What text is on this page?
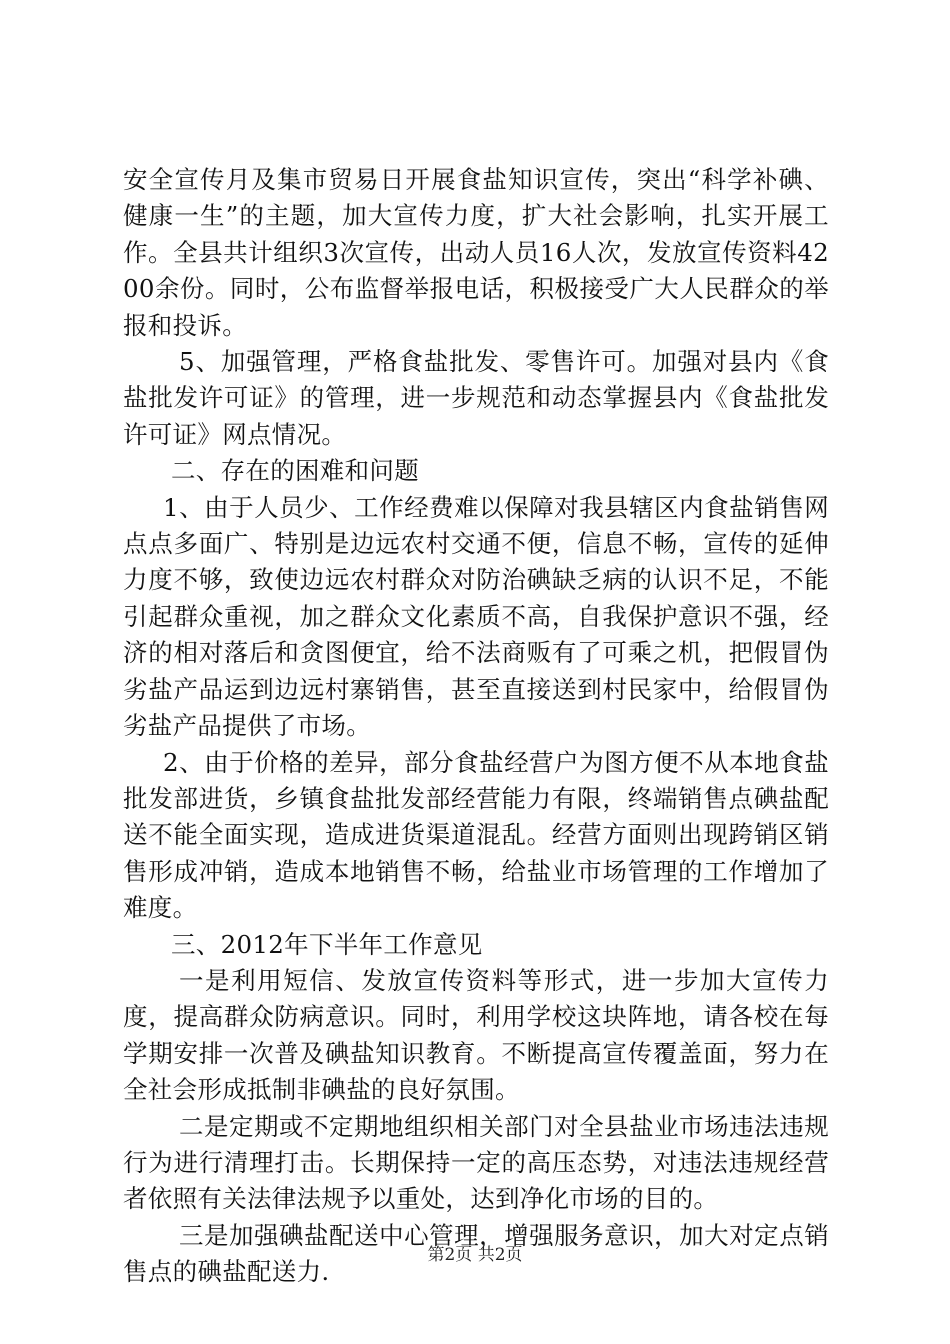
安全宣传月及集市贸易日开展食盐知识宣传，突出“科学补碘、健康一生”的主题，加大宣传力度，扩大社会影响，扎实开展工作。全县共计组织3次宣传，出动人员16人次，发放宣传资料4200余份。同时，公布监督举报电话，积极接受广大人民群众的举报和投诉。

5、加强管理，严格食盐批发、零售许可。加强对县内《食盐批发许可证》的管理，进一步规范和动态掌握县内《食盐批发许可证》网点情况。

二、存在的困难和问题

1、由于人员少、工作经费难以保障对我县辖区内食盐销售网点点多面广、特别是边远农村交通不便，信息不畅，宣传的延伸力度不够，致使边远农村群众对防治碘缺乏病的认识不足，不能引起群众重视，加之群众文化素质不高，自我保护意识不强，经济的相对落后和贪图便宜，给不法商贩有了可乘之机，把假冒伪劣盐产品运到边远村寨销售，甚至直接送到村民家中，给假冒伪劣盐产品提供了市场。

2、由于价格的差异，部分食盐经营户为图方便不从本地食盐批发部进货，乡镇食盐批发部经营能力有限，终端销售点碘盐配送不能全面实现，造成进货渠道混乱。经营方面则出现跨销区销售形成冲销，造成本地销售不畅，给盐业市场管理的工作增加了难度。

三、2012年下半年工作意见

一是利用短信、发放宣传资料等形式，进一步加大宣传力度，提高群众防病意识。同时，利用学校这块阵地，请各校在每学期安排一次普及碘盐知识教育。不断提高宣传覆盖面，努力在全社会形成抵制非碘盐的良好氛围。

二是定期或不定期地组织相关部门对全县盐业市场违法违规行为进行清理打击。长期保持一定的高压态势，对违法违规经营者依照有关法律法规予以重处，达到净化市场的目的。

三是加强碘盐配送中心管理，增强服务意识，加大对定点销售点的碘盐配送力.

第2页 共2页
